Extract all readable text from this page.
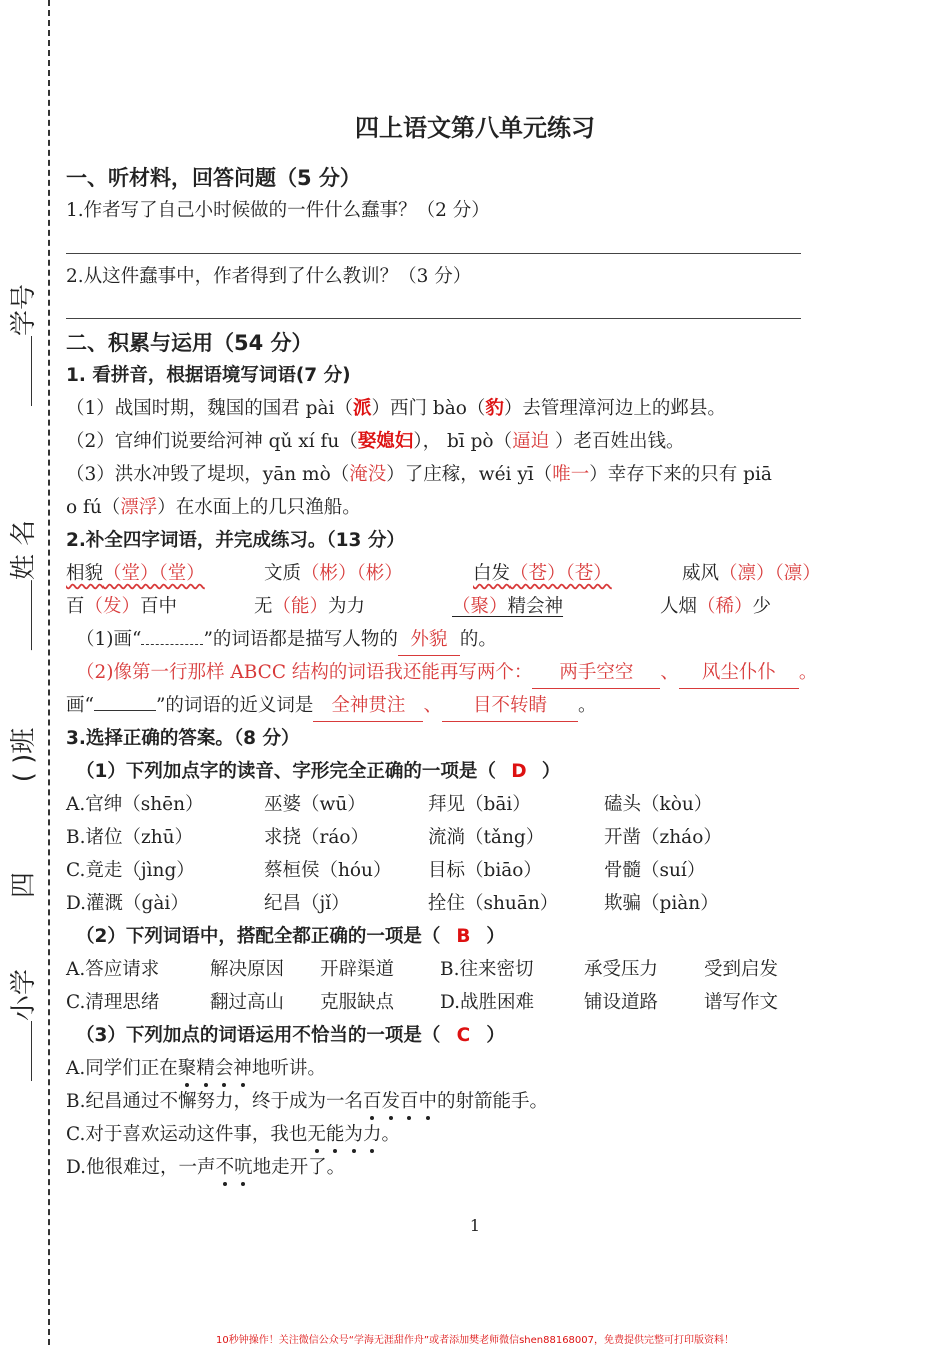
小学
四
( )班
姓 名
学号
四上语文第八单元练习
一、听材料，回答问题（5 分）
1.作者写了自己小时候做的一件什么蠢事？（2 分）
2.从这件蠢事中，作者得到了什么教训？（3 分）
二、积累与运用（54 分）
1. 看拼音，根据语境写词语(7 分)
（1）战国时期，魏国的国君 pài（派）西门 bào（豹）去管理漳河边上的邺县。
（2）官绅们说要给河神 qǔ xí fu（娶媳妇）， bī pò（逼迫 ）老百姓出钱。
（3）洪水冲毁了堤坝，yān mò（淹没）了庄稼，wéi yī（唯一）幸存下来的只有 piā
o fú（漂浮）在水面上的几只渔船。
2.补全四字词语，并完成练习。（13 分）
相貌（堂）（堂）	文质（彬）（彬）	白发（苍）（苍）	威风（凛）（凛）
百（发）百中	无（能）为力	（聚）精会神	人烟（稀）少
（1)画“	”的词语都是描写人物的 外貌 的。
（2)像第一行那样 ABCC 结构的词语我还能再写两个： 两手空空 、 风尘仆仆 。
画“	”的词语的近义词是 全神贯注 、 目不转睛 。
3.选择正确的答案。（8 分）
（1）下列加点字的读音、字形完全正确的一项是（ D ）
A.官绅（shēn）	巫婆（wū）	拜见（bāi）	磕头（kòu）
B.诸位（zhū）	求挠（ráo）	流淌（tǎng）	开凿（zháo）
C.竟走（jìng）	蔡桓侯（hóu） 目标（biāo）	骨髓（suí）
D.灌溉（gài）	纪昌（jǐ）	拴住（shuān） 欺骗（piàn）
（2）下列词语中，搭配全都正确的一项是（ B ）
A.答应请求	解决原因 开辟渠道 B.往来密切	承受压力 受到启发
C.清理思绪	翻过高山 克服缺点 D.战胜困难	铺设道路 谱写作文
（3）下列加点的词语运用不恰当的一项是（ C ）
A.同学们正在聚精会神地听讲。
B.纪昌通过不懈努力，终于成为一名百发百中的射箭能手。
C.对于喜欢运动这件事，我也无能为力。
D.他很难过，一声不吭地走开了。
1
10秒钟操作！关注微信公众号“学海无涯甜作舟”或者添加樊老师微信shen88168007，免费提供完整可打印版资料！
